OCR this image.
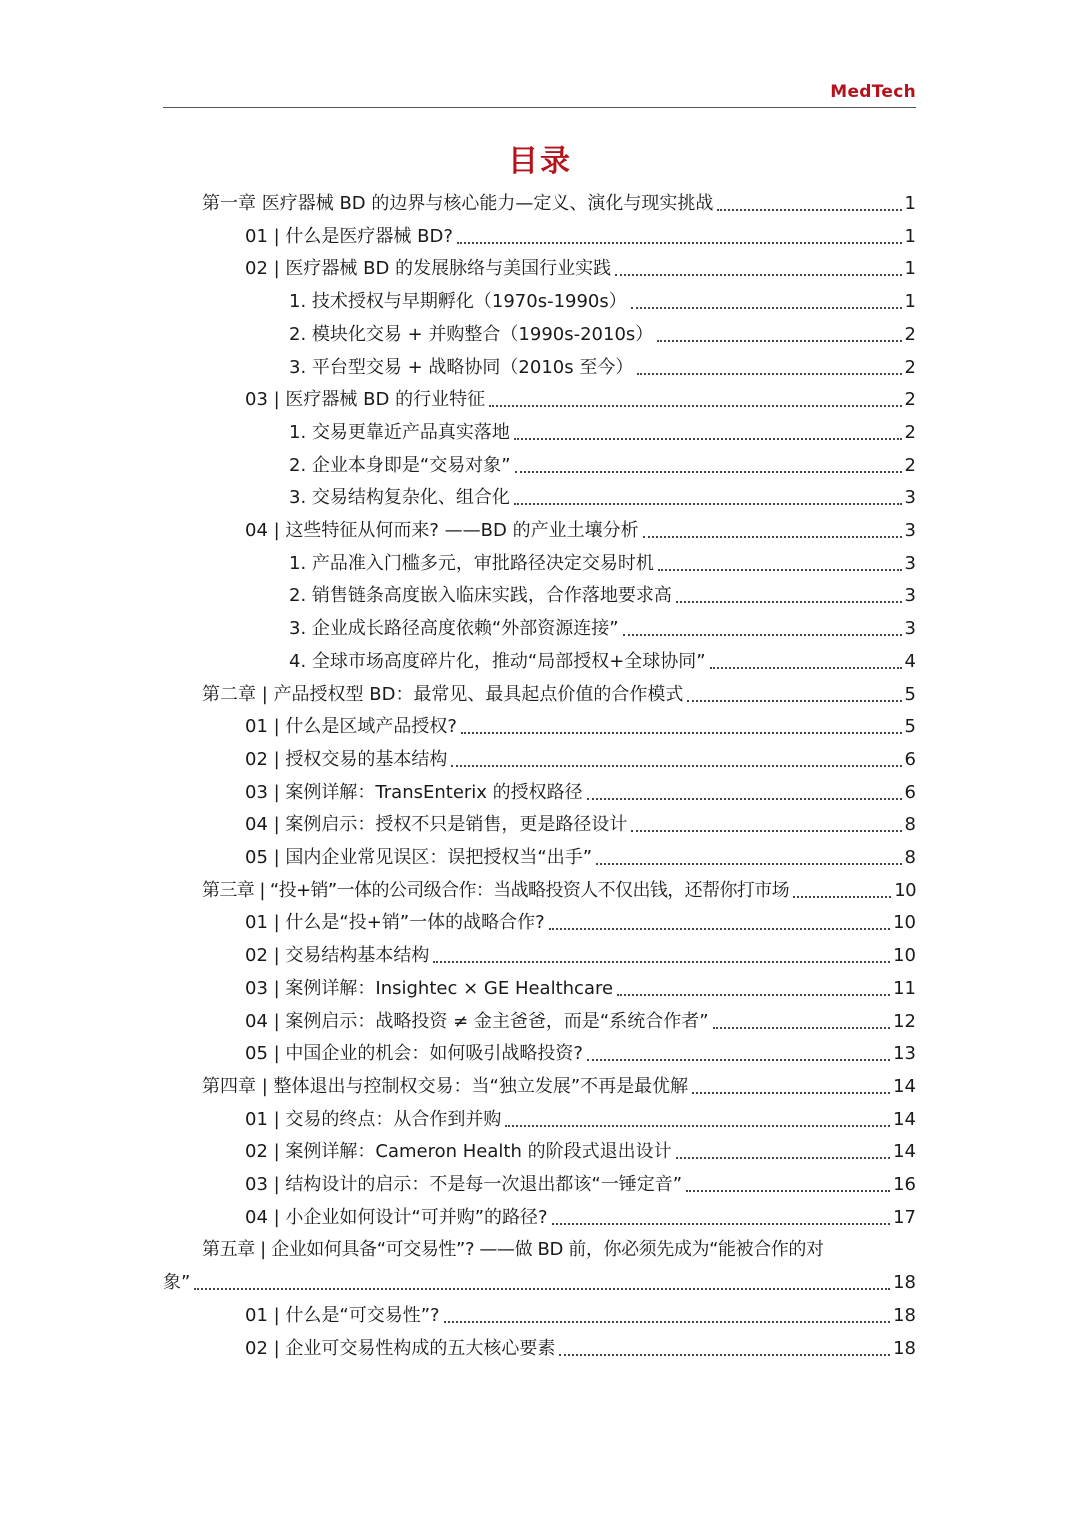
MedTech
目录
第一章 医疗器械 BD 的边界与核心能力—定义、演化与现实挑战	1
01 | 什么是医疗器械 BD?	1
02 | 医疗器械 BD 的发展脉络与美国行业实践	1
1. 技术授权与早期孵化（1970s-1990s）	1
2. 模块化交易 + 并购整合（1990s-2010s）	2
3. 平台型交易 + 战略协同（2010s 至今）	2
03 | 医疗器械 BD 的行业特征	2
1. 交易更靠近产品真实落地	2
2. 企业本身即是“交易对象”	2
3. 交易结构复杂化、组合化	3
04 | 这些特征从何而来? ——BD 的产业土壤分析	3
1. 产品准入门槛多元，审批路径决定交易时机	3
2. 销售链条高度嵌入临床实践，合作落地要求高	3
3. 企业成长路径高度依赖“外部资源连接”	3
4. 全球市场高度碎片化，推动“局部授权+全球协同”	4
第二章 | 产品授权型 BD：最常见、最具起点价值的合作模式	5
01 | 什么是区域产品授权?	5
02 | 授权交易的基本结构	6
03 | 案例详解：TransEnterix 的授权路径	6
04 | 案例启示：授权不只是销售，更是路径设计	8
05 | 国内企业常见误区：误把授权当“出手”	8
第三章 | “投+销”一体的公司级合作：当战略投资人不仅出钱，还帮你打市场	10
01 | 什么是“投+销”一体的战略合作?	10
02 | 交易结构基本结构	10
03 | 案例详解：Insightec × GE Healthcare	11
04 | 案例启示：战略投资 ≠ 金主爸爸，而是“系统合作者”	12
05 | 中国企业的机会：如何吸引战略投资?	13
第四章 | 整体退出与控制权交易：当“独立发展”不再是最优解	14
01 | 交易的终点：从合作到并购	14
02 | 案例详解：Cameron Health 的阶段式退出设计	14
03 | 结构设计的启示：不是每一次退出都该“一锤定音”	16
04 | 小企业如何设计“可并购”的路径?	17
第五章 | 企业如何具备“可交易性”? ——做 BD 前，你必须先成为“能被合作的对
象”	18
01 | 什么是“可交易性”?	18
02 | 企业可交易性构成的五大核心要素	18
